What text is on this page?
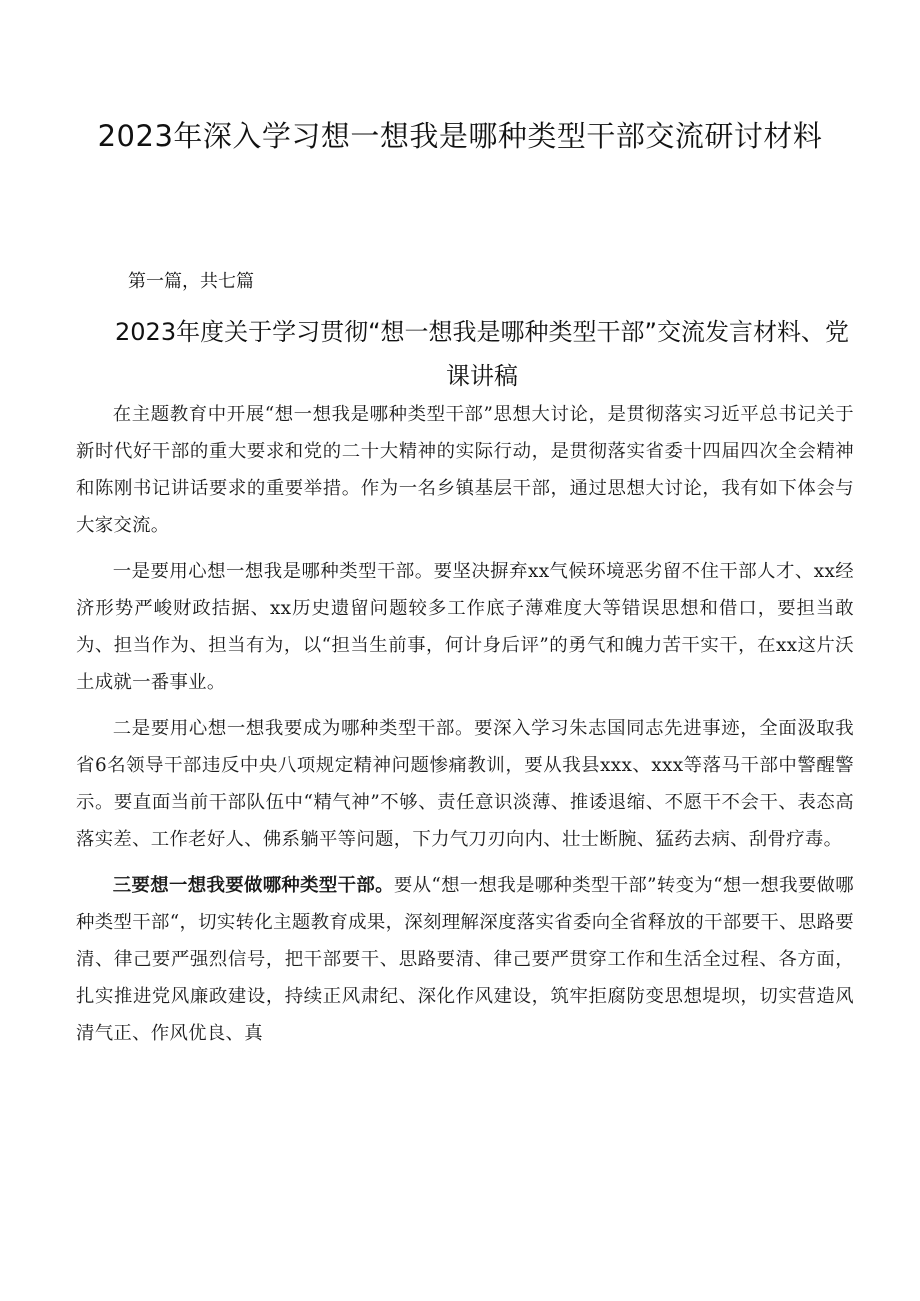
2023年深入学习想一想我是哪种类型干部交流研讨材料

第一篇，共七篇

2023年度关于学习贯彻“想一想我是哪种类型干部”交流发言材料、党课讲稿

在主题教育中开展“想一想我是哪种类型干部”思想大讨论，是贯彻落实习近平总书记关于新时代好干部的重大要求和党的二十大精神的实际行动，是贯彻落实省委十四届四次全会精神和陈刚书记讲话要求的重要举措。作为一名乡镇基层干部，通过思想大讨论，我有如下体会与大家交流。

一是要用心想一想我是哪种类型干部。要坚决摒弃xx气候环境恶劣留不住干部人才、xx经济形势严峻财政拮据、xx历史遗留问题较多工作底子薄难度大等错误思想和借口，要担当敢为、担当作为、担当有为，以“担当生前事，何计身后评”的勇气和魄力苦干实干，在xx这片沃土成就一番事业。

二是要用心想一想我要成为哪种类型干部。要深入学习朱志国同志先进事迹，全面汲取我省6名领导干部违反中央八项规定精神问题惨痛教训，要从我县xxx、xxx等落马干部中警醒警示。要直面当前干部队伍中“精气神”不够、责任意识淡薄、推诿退缩、不愿干不会干、表态高落实差、工作老好人、佛系躺平等问题，下力气刀刃向内、壮士断腕、猛药去病、刮骨疗毒。

三要想一想我要做哪种类型干部。要从“想一想我是哪种类型干部”转变为“想一想我要做哪种类型干部“，切实转化主题教育成果，深刻理解深度落实省委向全省释放的干部要干、思路要清、律己要严强烈信号，把干部要干、思路要清、律己要严贯穿工作和生活全过程、各方面，扎实推进党风廉政建设，持续正风肃纪、深化作风建设，筑牢拒腐防变思想堤坝，切实营造风清气正、作风优良、真
